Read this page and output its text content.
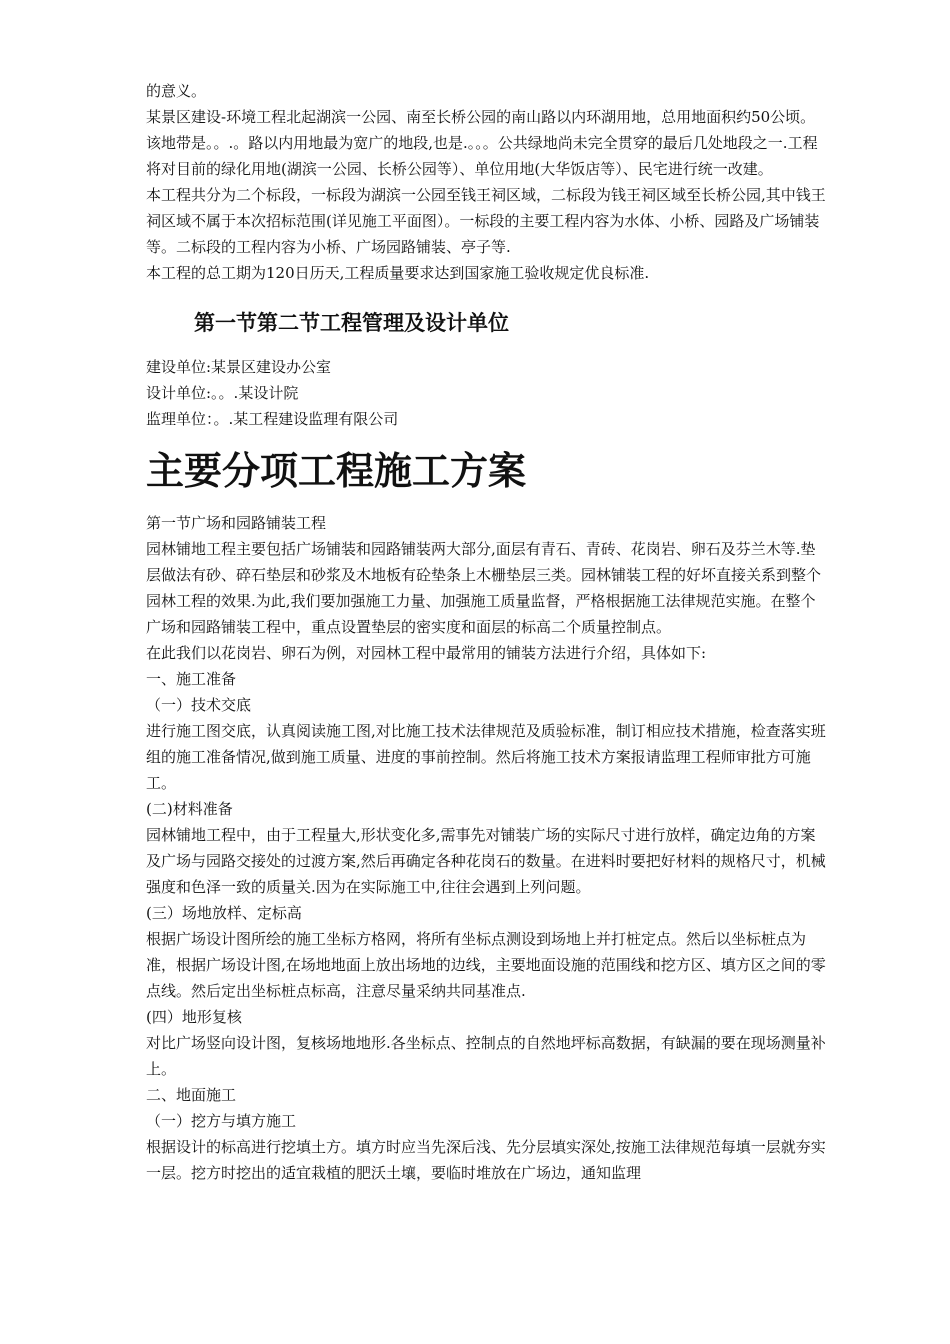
的意义。

某景区建设-环境工程北起湖滨一公园、南至长桥公园的南山路以内环湖用地，总用地面积约50公顷。该地带是。。.。路以内用地最为宽广的地段,也是.。。。公共绿地尚未完全贯穿的最后几处地段之一.工程将对目前的绿化用地(湖滨一公园、长桥公园等）、单位用地(大华饭店等）、民宅进行统一改建。

本工程共分为二个标段，一标段为湖滨一公园至钱王祠区域，二标段为钱王祠区域至长桥公园,其中钱王祠区域不属于本次招标范围(详见施工平面图）。一标段的主要工程内容为水体、小桥、园路及广场铺装等。二标段的工程内容为小桥、广场园路铺装、亭子等.

本工程的总工期为120日历天,工程质量要求达到国家施工验收规定优良标准.

第一节第二节工程管理及设计单位

建设单位:某景区建设办公室

设计单位:。。.某设计院

监理单位：。.某工程建设监理有限公司

主要分项工程施工方案

第一节广场和园路铺装工程

园林铺地工程主要包括广场铺装和园路铺装两大部分,面层有青石、青砖、花岗岩、卵石及芬兰木等.垫层做法有砂、碎石垫层和砂浆及木地板有砼垫条上木栅垫层三类。园林铺装工程的好坏直接关系到整个园林工程的效果.为此,我们要加强施工力量、加强施工质量监督，严格根据施工法律规范实施。在整个广场和园路铺装工程中，重点设置垫层的密实度和面层的标高二个质量控制点。

在此我们以花岗岩、卵石为例，对园林工程中最常用的铺装方法进行介绍，具体如下:

一、施工准备

（一）技术交底

进行施工图交底，认真阅读施工图,对比施工技术法律规范及质验标准，制订相应技术措施，检查落实班组的施工准备情况,做到施工质量、进度的事前控制。然后将施工技术方案报请监理工程师审批方可施工。

(二)材料准备

园林铺地工程中，由于工程量大,形状变化多,需事先对铺装广场的实际尺寸进行放样，确定边角的方案及广场与园路交接处的过渡方案,然后再确定各种花岗石的数量。在进料时要把好材料的规格尺寸，机械强度和色泽一致的质量关.因为在实际施工中,往往会遇到上列问题。

(三）场地放样、定标高

根据广场设计图所绘的施工坐标方格网，将所有坐标点测设到场地上并打桩定点。然后以坐标桩点为准，根据广场设计图,在场地地面上放出场地的边线，主要地面设施的范围线和挖方区、填方区之间的零点线。然后定出坐标桩点标高，注意尽量采纳共同基准点.

(四）地形复核

对比广场竖向设计图，复核场地地形.各坐标点、控制点的自然地坪标高数据，有缺漏的要在现场测量补上。

二、地面施工

（一）挖方与填方施工

根据设计的标高进行挖填土方。填方时应当先深后浅、先分层填实深处,按施工法律规范每填一层就夯实一层。挖方时挖出的适宜栽植的肥沃土壤，要临时堆放在广场边，通知监理
